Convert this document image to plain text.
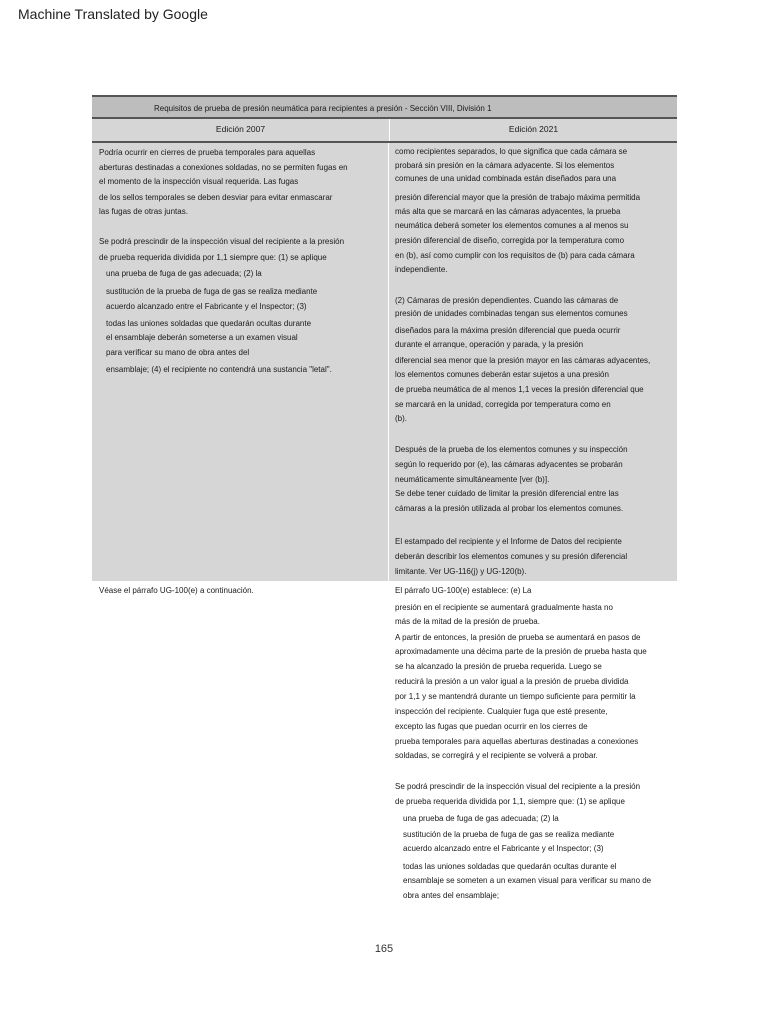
Machine Translated by Google
Requisitos de prueba de presión neumática para recipientes a presión - Sección VIII, División 1
Edición 2007	Edición 2021
Podría ocurrir en cierres de prueba temporales para aquellas
aberturas destinadas a conexiones soldadas, no se permiten fugas en
el momento de la inspección visual requerida. Las fugas
de los sellos temporales se deben desviar para evitar enmascarar
las fugas de otras juntas.
Se podrá prescindir de la inspección visual del recipiente a la presión
de prueba requerida dividida por 1,1 siempre que: (1) se aplique
una prueba de fuga de gas adecuada; (2) la
sustitución de la prueba de fuga de gas se realiza mediante
acuerdo alcanzado entre el Fabricante y el Inspector; (3)
todas las uniones soldadas que quedarán ocultas durante
el ensamblaje deberán someterse a un examen visual
para verificar su mano de obra antes del
ensamblaje; (4) el recipiente no contendrá una sustancia "letal".
como recipientes separados, lo que significa que cada cámara se
probará sin presión en la cámara adyacente. Si los elementos
comunes de una unidad combinada están diseñados para una
presión diferencial mayor que la presión de trabajo máxima permitida
más alta que se marcará en las cámaras adyacentes, la prueba
neumática deberá someter los elementos comunes a al menos su
presión diferencial de diseño, corregida por la temperatura como
en (b), así como cumplir con los requisitos de (b) para cada cámara
independiente.
(2) Cámaras de presión dependientes. Cuando las cámaras de
presión de unidades combinadas tengan sus elementos comunes
diseñados para la máxima presión diferencial que pueda ocurrir
durante el arranque, operación y parada, y la presión
diferencial sea menor que la presión mayor en las cámaras adyacentes,
los elementos comunes deberán estar sujetos a una presión
de prueba neumática de al menos 1,1 veces la presión diferencial que
se marcará en la unidad, corregida por temperatura como en
(b).
Después de la prueba de los elementos comunes y su inspección
según lo requerido por (e), las cámaras adyacentes se probarán
neumáticamente simultáneamente [ver (b)].
Se debe tener cuidado de limitar la presión diferencial entre las
cámaras a la presión utilizada al probar los elementos comunes.
El estampado del recipiente y el Informe de Datos del recipiente
deberán describir los elementos comunes y su presión diferencial
limitante. Ver UG-116(j) y UG-120(b).
Véase el párrafo UG-100(e) a continuación.	El párrafo UG-100(e) establece: (e) La
presión en el recipiente se aumentará gradualmente hasta no
más de la mitad de la presión de prueba.
A partir de entonces, la presión de prueba se aumentará en pasos de
aproximadamente una décima parte de la presión de prueba hasta que
se ha alcanzado la presión de prueba requerida. Luego se
reducirá la presión a un valor igual a la presión de prueba dividida
por 1,1 y se mantendrá durante un tiempo suficiente para permitir la
inspección del recipiente. Cualquier fuga que esté presente,
excepto las fugas que puedan ocurrir en los cierres de
prueba temporales para aquellas aberturas destinadas a conexiones
soldadas, se corregirá y el recipiente se volverá a probar.
Se podrá prescindir de la inspección visual del recipiente a la presión
de prueba requerida dividida por 1,1, siempre que: (1) se aplique
una prueba de fuga de gas adecuada; (2) la
sustitución de la prueba de fuga de gas se realiza mediante
acuerdo alcanzado entre el Fabricante y el Inspector; (3)
todas las uniones soldadas que quedarán ocultas durante el
ensamblaje se someten a un examen visual para verificar su mano de
obra antes del ensamblaje;
165
